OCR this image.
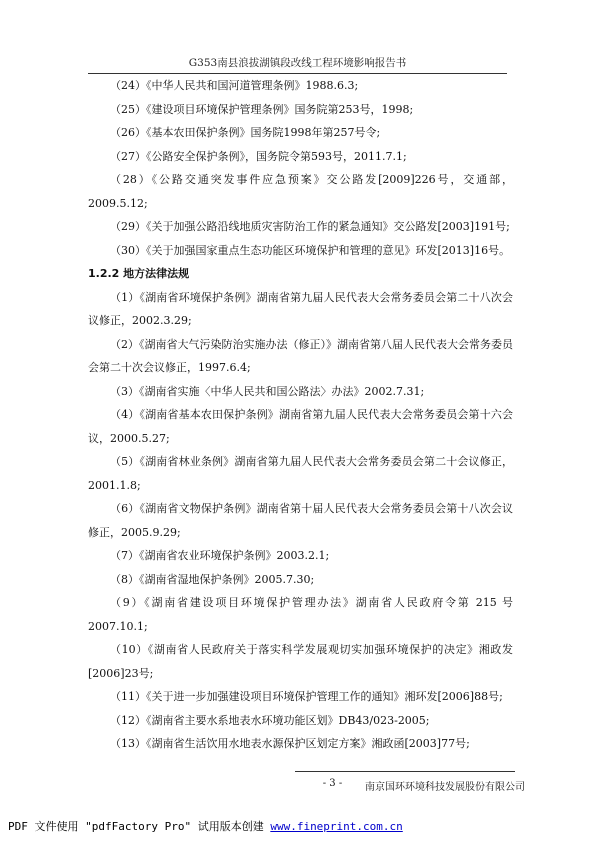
G353南县浪拔湖镇段改线工程环境影响报告书

（24）《中华人民共和国河道管理条例》1988.6.3;

（25）《建设项目环境保护管理条例》国务院第253号，1998;

（26）《基本农田保护条例》国务院1998年第257号令;

（27）《公路安全保护条例》，国务院令第593号，2011.7.1;

（28）《公路交通突发事件应急预案》交公路发[2009]226号，交通部，2009.5.12;

（29）《关于加强公路沿线地质灾害防治工作的紧急通知》交公路发[2003]191号;

（30）《关于加强国家重点生态功能区环境保护和管理的意见》环发[2013]16号。

1.2.2 地方法律法规

（1）《湖南省环境保护条例》湖南省第九届人民代表大会常务委员会第二十八次会议修正，2002.3.29;

（2）《湖南省大气污染防治实施办法（修正）》湖南省第八届人民代表大会常务委员会第二十次会议修正，1997.6.4;

（3）《湖南省实施〈中华人民共和国公路法〉办法》2002.7.31;

（4）《湖南省基本农田保护条例》湖南省第九届人民代表大会常务委员会第十六会议，2000.5.27;

（5）《湖南省林业条例》湖南省第九届人民代表大会常务委员会第二十会议修正，2001.1.8;

（6）《湖南省文物保护条例》湖南省第十届人民代表大会常务委员会第十八次会议修正，2005.9.29;

（7）《湖南省农业环境保护条例》2003.2.1;

（8）《湖南省湿地保护条例》2005.7.30;

（9）《湖南省建设项目环境保护管理办法》湖南省人民政府令第 215 号 2007.10.1;

（10）《湖南省人民政府关于落实科学发展观切实加强环境保护的决定》湘政发[2006]23号;

（11）《关于进一步加强建设项目环境保护管理工作的通知》湘环发[2006]88号;

（12）《湖南省主要水系地表水环境功能区划》DB43/023-2005;

（13）《湖南省生活饮用水地表水源保护区划定方案》湘政函[2003]77号;

- 3 -	南京国环环境科技发展股份有限公司
PDF 文件使用 "pdfFactory Pro" 试用版本创建 www.fineprint.com.cn
